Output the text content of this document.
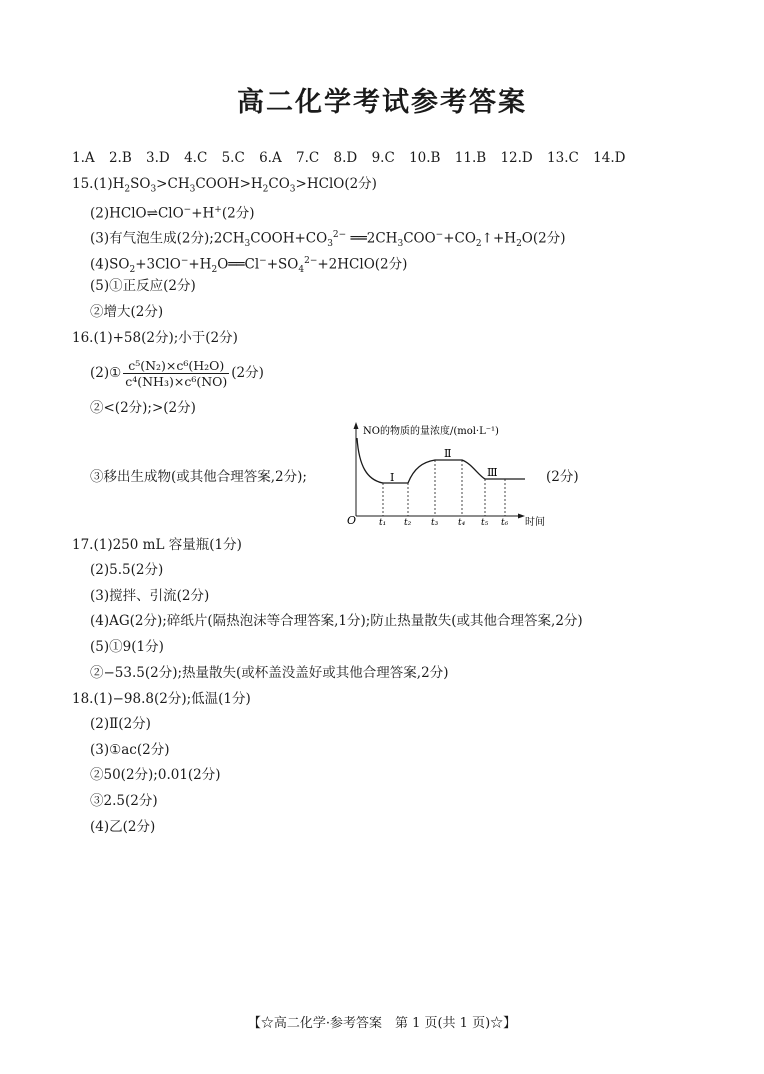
高二化学考试参考答案
1.A 2.B 3.D 4.C 5.C 6.A 7.C 8.D 9.C 10.B 11.B 12.D 13.C 14.D
$15.(1)H_2SO_3>CH_3COOH>H_2CO_3>HClO(2$分)
(2)HClO⇌ClO−+H+(2分)
(3)有气泡生成(2分)$;2CH_3COOH+CO_3^{2-}$ $══2CH_3COO^-+CO_2↑+H_2O(2$分)
$(4)SO_2+3ClO^-+H_2O══Cl^-+SO_4^{2-}+2HClO(2$分)
(5)①正反应(2分)
②增大(2分)
16.(1)+58(2分);小于(2分)
(2)① $\frac{\text{c⁵(N₂)×c⁶(H₂O)}}{\text{c⁴(NH₃)×c⁶(NO)}} (2$分)
②<(2分);>(2分)
③移出生成物(或其他合理答案,2分);	(2分)
NO的物质的量浓度/(mol·L⁻¹)
时间
O
Ⅰ
Ⅱ
Ⅲ
t₁ t₂ t₃ t₄ t₅ t₆
17.(1)250 mL 容量瓶(1分)
(2)5.5(2分)
(3)搅拌、引流(2分)
(4)AG(2分);碎纸片(隔热泡沫等合理答案,1分);防止热量散失(或其他合理答案,2分)
(5)①9(1分)
②−53.5(2分);热量散失(或杯盖没盖好或其他合理答案,2分)
18.(1)−98.8(2分);低温(1分)
(2)Ⅱ(2分)
(3)①ac(2分)
②50(2分);0.01(2分)
③2.5(2分)
(4)乙(2分)
【☆高二化学·参考答案　第 1 页(共 1 页)☆】
